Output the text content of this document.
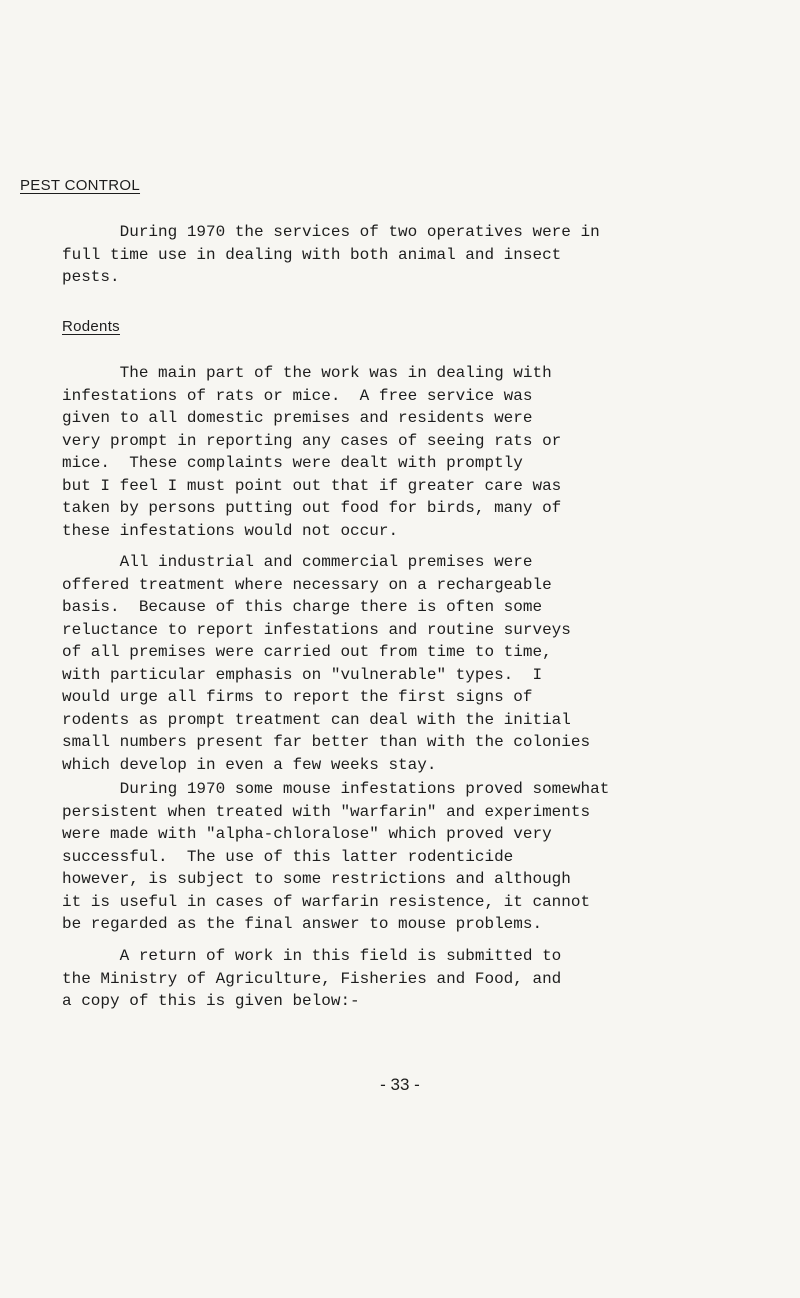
PEST CONTROL

During 1970 the services of two operatives were in
full time use in dealing with both animal and insect
pests.

Rodents

The main part of the work was in dealing with
infestations of rats or mice.  A free service was
given to all domestic premises and residents were
very prompt in reporting any cases of seeing rats or
mice.  These complaints were dealt with promptly
but I feel I must point out that if greater care was
taken by persons putting out food for birds, many of
these infestations would not occur.

All industrial and commercial premises were
offered treatment where necessary on a rechargeable
basis.  Because of this charge there is often some
reluctance to report infestations and routine surveys
of all premises were carried out from time to time,
with particular emphasis on "vulnerable" types.  I
would urge all firms to report the first signs of
rodents as prompt treatment can deal with the initial
small numbers present far better than with the colonies
which develop in even a few weeks stay.

During 1970 some mouse infestations proved somewhat
persistent when treated with "warfarin" and experiments
were made with "alpha-chloralose" which proved very
successful.  The use of this latter rodenticide
however, is subject to some restrictions and although
it is useful in cases of warfarin resistence, it cannot
be regarded as the final answer to mouse problems.

A return of work in this field is submitted to
the Ministry of Agriculture, Fisheries and Food, and
a copy of this is given below:-

- 33 -
